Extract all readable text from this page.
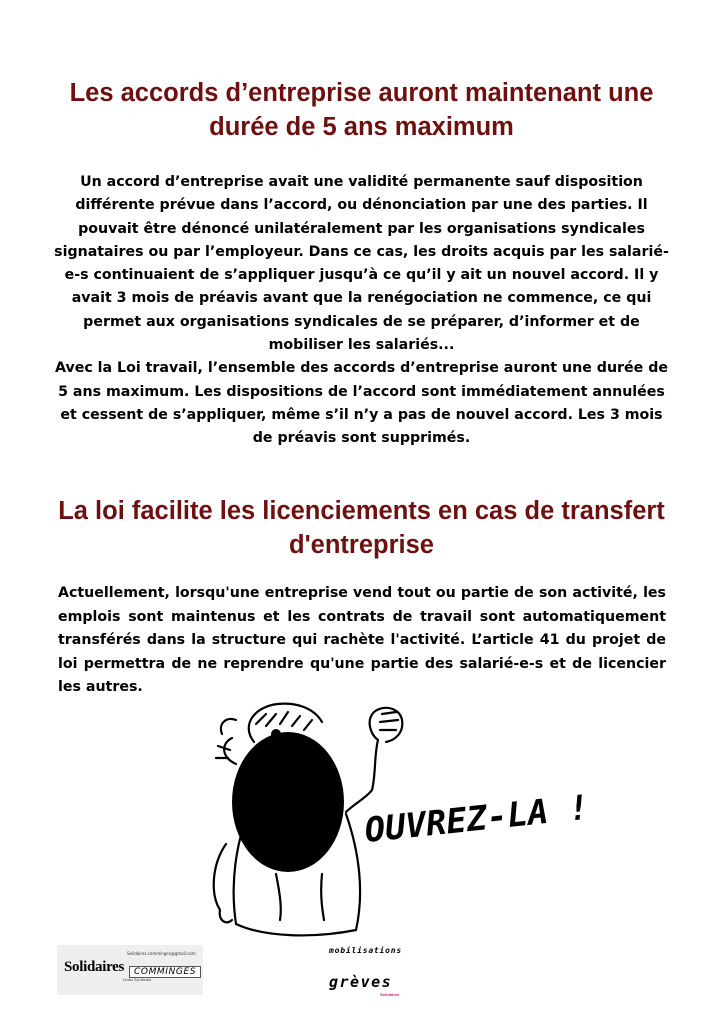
Les accords d’entreprise auront maintenant une durée de 5 ans maximum

Un accord d’entreprise avait une validité permanente sauf disposition différente prévue dans l’accord, ou dénonciation par une des parties. Il pouvait être dénoncé unilatéralement par les organisations syndicales signataires ou par l’employeur. Dans ce cas, les droits acquis par les salarié-e-s continuaient de s’appliquer jusqu’à ce qu’il y ait un nouvel accord. Il y avait 3 mois de préavis avant que la renégociation ne commence, ce qui permet aux organisations syndicales de se préparer, d’informer et de mobiliser les salariés...
Avec la Loi travail, l’ensemble des accords d’entreprise auront une durée de 5 ans maximum. Les dispositions de l’accord sont immédiatement annulées et cessent de s’appliquer, même s’il n’y a pas de nouvel accord. Les 3 mois de préavis sont supprimés.

La loi facilite les licenciements en cas de transfert d'entreprise

Actuellement, lorsqu'une entreprise vend tout ou partie de son activité, les emplois sont maintenus et les contrats de travail sont automatiquement transférés dans la structure qui rachète l'activité. L’article 41 du projet de loi permettra de ne reprendre qu'une partie des salarié-e-s et de licencier les autres.

OUVREZ-LA !

Solidaires.comminges@gmail.com

Solidaires	COMMINGES

Union Syndicale

mobilisations

grèves

Solidaires
